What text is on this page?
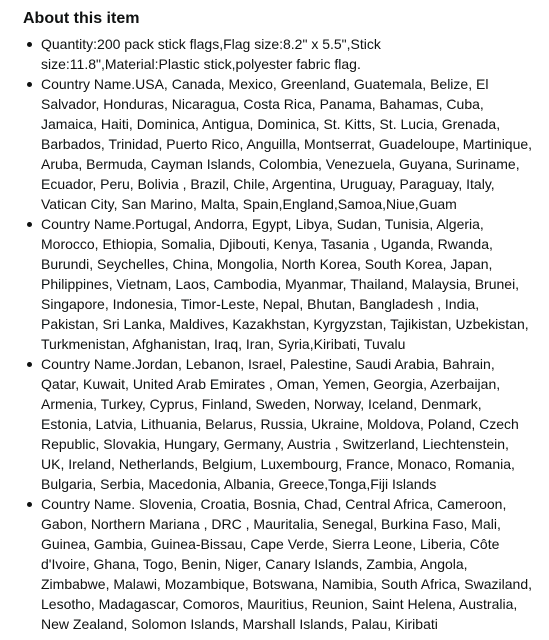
About this item
Quantity:200 pack stick flags,Flag size:8.2" x 5.5",Stick size:11.8",Material:Plastic stick,polyester fabric flag.
Country Name.USA, Canada, Mexico, Greenland, Guatemala, Belize, El Salvador, Honduras, Nicaragua, Costa Rica, Panama, Bahamas, Cuba, Jamaica, Haiti, Dominica, Antigua, Dominica, St. Kitts, St. Lucia, Grenada, Barbados, Trinidad, Puerto Rico, Anguilla, Montserrat, Guadeloupe, Martinique, Aruba, Bermuda, Cayman Islands, Colombia, Venezuela, Guyana, Suriname, Ecuador, Peru, Bolivia , Brazil, Chile, Argentina, Uruguay, Paraguay, Italy, Vatican City, San Marino, Malta, Spain,England,Samoa,Niue,Guam
Country Name.Portugal, Andorra, Egypt, Libya, Sudan, Tunisia, Algeria, Morocco, Ethiopia, Somalia, Djibouti, Kenya, Tasania , Uganda, Rwanda, Burundi, Seychelles, China, Mongolia, North Korea, South Korea, Japan, Philippines, Vietnam, Laos, Cambodia, Myanmar, Thailand, Malaysia, Brunei, Singapore, Indonesia, Timor-Leste, Nepal, Bhutan, Bangladesh , India, Pakistan, Sri Lanka, Maldives, Kazakhstan, Kyrgyzstan, Tajikistan, Uzbekistan, Turkmenistan, Afghanistan, Iraq, Iran, Syria,Kiribati, Tuvalu
Country Name.Jordan, Lebanon, Israel, Palestine, Saudi Arabia, Bahrain, Qatar, Kuwait, United Arab Emirates , Oman, Yemen, Georgia, Azerbaijan, Armenia, Turkey, Cyprus, Finland, Sweden, Norway, Iceland, Denmark, Estonia, Latvia, Lithuania, Belarus, Russia, Ukraine, Moldova, Poland, Czech Republic, Slovakia, Hungary, Germany, Austria , Switzerland, Liechtenstein, UK, Ireland, Netherlands, Belgium, Luxembourg, France, Monaco, Romania, Bulgaria, Serbia, Macedonia, Albania, Greece,Tonga,Fiji Islands
Country Name. Slovenia, Croatia, Bosnia, Chad, Central Africa, Cameroon, Gabon, Northern Mariana , DRC , Mauritalia, Senegal, Burkina Faso, Mali, Guinea, Gambia, Guinea-Bissau, Cape Verde, Sierra Leone, Liberia, Côte d'Ivoire, Ghana, Togo, Benin, Niger, Canary Islands, Zambia, Angola, Zimbabwe, Malawi, Mozambique, Botswana, Namibia, South Africa, Swaziland, Lesotho, Madagascar, Comoros, Mauritius, Reunion, Saint Helena, Australia, New Zealand, Solomon Islands, Marshall Islands, Palau, Kiribati
